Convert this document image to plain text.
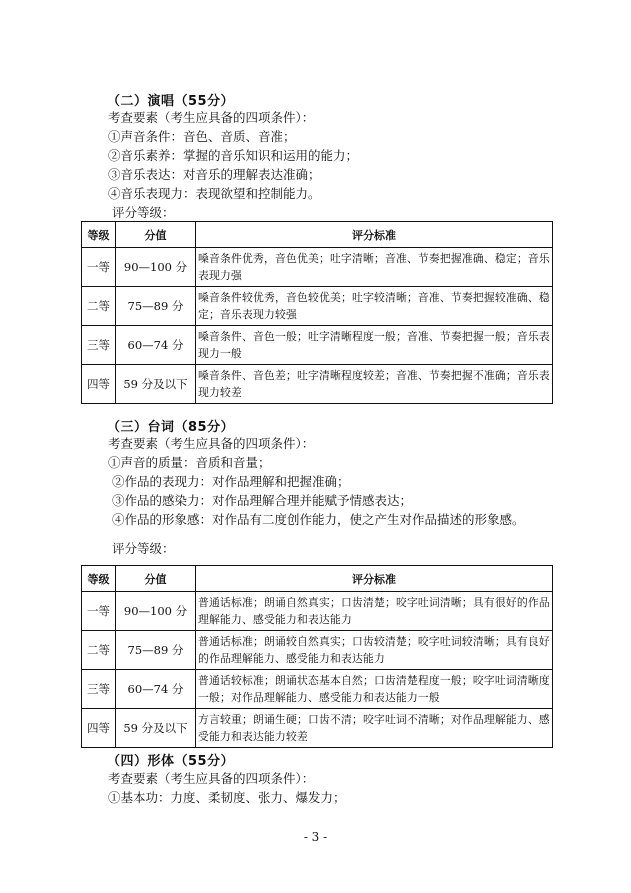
（二）演唱（55分）
考查要素（考生应具备的四项条件）：
①声音条件：音色、音质、音准；
②音乐素养：掌握的音乐知识和运用的能力；
③音乐表达：对音乐的理解表达准确；
④音乐表现力：表现欲望和控制能力。
评分等级：
等级	分值	评分标准
一等	90—100 分	嗓音条件优秀，音色优美；吐字清晰；音准、节奏把握准确、稳定；音乐表现力强
二等	75—89 分	嗓音条件较优秀，音色较优美；吐字较清晰；音准、节奏把握较准确、稳定；音乐表现力较强
三等	60—74 分	嗓音条件、音色一般；吐字清晰程度一般；音准、节奏把握一般；音乐表现力一般
四等	59 分及以下	嗓音条件、音色差；吐字清晰程度较差；音准、节奏把握不准确；音乐表现力较差
（三）台词（85分）
考查要素（考生应具备的四项条件）：
①声音的质量：音质和音量；
②作品的表现力：对作品理解和把握准确；
③作品的感染力：对作品理解合理并能赋予情感表达；
④作品的形象感：对作品有二度创作能力，使之产生对作品描述的形象感。
评分等级：
等级	分值	评分标准
一等	90—100 分	普通话标准；朗诵自然真实；口齿清楚；咬字吐词清晰；具有很好的作品理解能力、感受能力和表达能力
二等	75—89 分	普通话标准；朗诵较自然真实；口齿较清楚；咬字吐词较清晰；具有良好的作品理解能力、感受能力和表达能力
三等	60—74 分	普通话较标准；朗诵状态基本自然；口齿清楚程度一般；咬字吐词清晰度一般；对作品理解能力、感受能力和表达能力一般
四等	59 分及以下	方言较重；朗诵生硬；口齿不清；咬字吐词不清晰；对作品理解能力、感受能力和表达能力较差
（四）形体（55分）
考查要素（考生应具备的四项条件）：
①基本功：力度、柔韧度、张力、爆发力；
- 3 -
